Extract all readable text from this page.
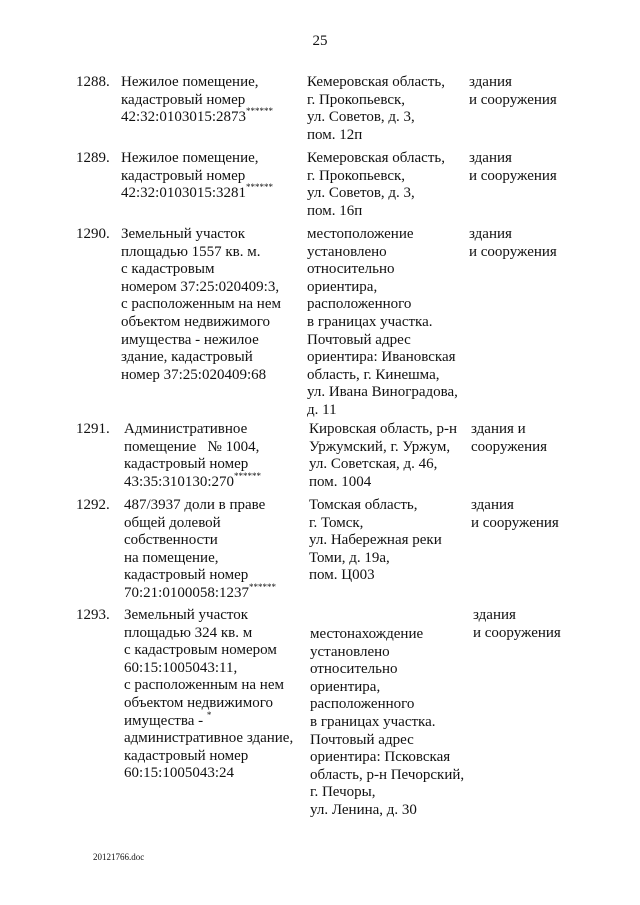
25
1288. Нежилое помещение,
кадастровый номер
42:32:0103015:2873******
Кемеровская область,
г. Прокопьевск,
ул. Советов, д. 3,
пом. 12п
здания
и сооружения
1289. Нежилое помещение,
кадастровый номер
42:32:0103015:3281******
Кемеровская область,
г. Прокопьевск,
ул. Советов, д. 3,
пом. 16п
здания
и сооружения
1290. Земельный участок
площадью 1557 кв. м.
с кадастровым
номером 37:25:020409:3,
с расположенным на нем
объектом недвижимого
имущества - нежилое
здание, кадастровый
номер 37:25:020409:68
местоположение
установлено
относительно
ориентира,
расположенного
в границах участка.
Почтовый адрес
ориентира: Ивановская
область, г. Кинешма,
ул. Ивана Виноградова,
д. 11
здания
и сооружения
1291. Административное
помещение   № 1004,
кадастровый номер
43:35:310130:270******
Кировская область, р-н
Уржумский, г. Уржум,
ул. Советская, д. 46,
пом. 1004
здания и
сооружения
1292. 487/3937 доли в праве
общей долевой
собственности
на помещение,
кадастровый номер
70:21:0100058:1237******
Томская область,
г. Томск,
ул. Набережная реки
Томи, д. 19а,
пом. Ц003
здания
и сооружения
1293. Земельный участок
площадью 324 кв. м
с кадастровым номером
60:15:1005043:11,
с расположенным на нем
объектом недвижимого
имущества - *
административное здание,
кадастровый номер
60:15:1005043:24
местонахождение
установлено
относительно
ориентира,
расположенного
в границах участка.
Почтовый адрес
ориентира: Псковская
область, р-н Печорский,
г. Печоры,
ул. Ленина, д. 30
здания
и сооружения
20121766.doc
